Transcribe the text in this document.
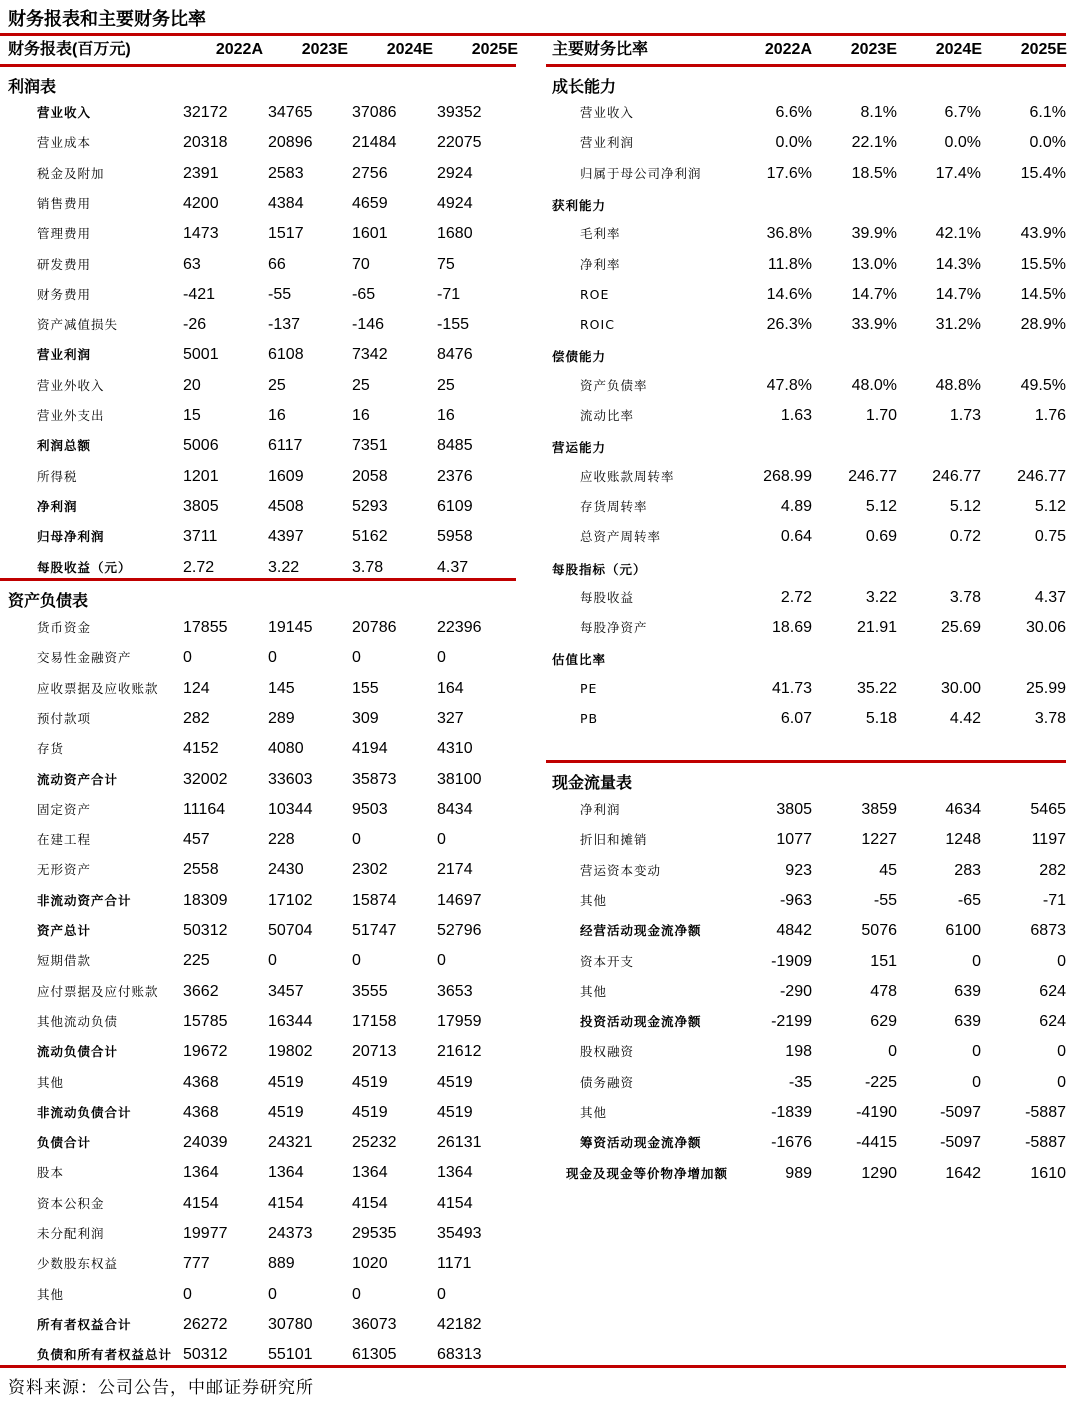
财务报表和主要财务比率
财务报表(百万元)	2022A	2023E	2024E	2025E 主要财务比率	2022A	2023E	2024E	2025E
利润表
资产负债表
成长能力
现金流量表
营业收入	32172	34765 37086	39352
营业成本	20318	20896 21484	22075
税金及附加	2391	2583	2756	2924
销售费用	4200	4384	4659	4924
管理费用	1473	1517	1601	1680
研发费用	63	66	70	75
财务费用	-421	-55	-65	-71
资产减值损失	-26	-137	-146	-155
营业利润	5001	6108	7342	8476
营业外收入	20	25	25	25
营业外支出	15	16	16	16
利润总额	5006	6117	7351	8485
所得税	1201	1609	2058	2376
净利润	3805	4508	5293	6109
归母净利润	3711	4397	5162	5958
每股收益（元）	2.72	3.22	3.78	4.37
货币资金	17855	19145 20786	22396
交易性金融资产	0	0	0	0
应收票据及应收账款 124	145	155	164
预付款项	282	289	309	327
存货	4152	4080	4194	4310
流动资产合计	32002	33603 35873	38100
固定资产	11164	10344 9503	8434
在建工程	457	228	0	0
无形资产	2558	2430	2302	2174
非流动资产合计	18309	17102 15874	14697
资产总计	50312	50704 51747	52796
短期借款	225	0	0	0
应付票据及应付账款 3662	3457	3555	3653
其他流动负债	15785	16344 17158	17959
流动负债合计	19672	19802 20713	21612
其他	4368	4519	4519	4519
非流动负债合计	4368	4519	4519	4519
负债合计	24039	24321 25232	26131
股本	1364	1364	1364	1364
资本公积金	4154	4154	4154	4154
未分配利润	19977	24373 29535	35493
少数股东权益	777	889	1020	1171
其他	0	0	0	0
所有者权益合计	26272	30780 36073	42182
负债和所有者权益总计 50312	55101 61305	68313
营业收入	6.6%	8.1%	6.7%	6.1%
营业利润	0.0%	22.1%	0.0%	0.0%
归属于母公司净利润	17.6%	18.5%	17.4%	15.4%
获利能力
毛利率	36.8%	39.9%	42.1%	43.9%
净利率	11.8%	13.0%	14.3%	15.5%
ROE	14.6%	14.7%	14.7%	14.5%
ROIC	26.3%	33.9%	31.2%	28.9%
偿债能力
资产负债率	47.8%	48.0%	48.8%	49.5%
流动比率	1.63	1.70	1.73	1.76
营运能力
应收账款周转率	268.99	246.77	246.77	246.77
存货周转率	4.89	5.12	5.12	5.12
总资产周转率	0.64	0.69	0.72	0.75
每股指标（元）
每股收益	2.72	3.22	3.78	4.37
每股净资产	18.69	21.91	25.69	30.06
估值比率
PE	41.73	35.22	30.00	25.99
PB	6.07	5.18	4.42	3.78
净利润	3805	3859	4634	5465
折旧和摊销	1077	1227	1248	1197
营运资本变动	923	45	283	282
其他	-963	-55	-65	-71
经营活动现金流净额	4842	5076	6100	6873
资本开支	-1909	151	0	0
其他	-290	478	639	624
投资活动现金流净额	-2199	629	639	624
股权融资	198	0	0	0
债务融资	-35	-225	0	0
其他	-1839	-4190	-5097	-5887
筹资活动现金流净额	-1676	-4415	-5097	-5887
现金及现金等价物净增加额	989	1290	1642	1610
资料来源：公司公告，中邮证券研究所
